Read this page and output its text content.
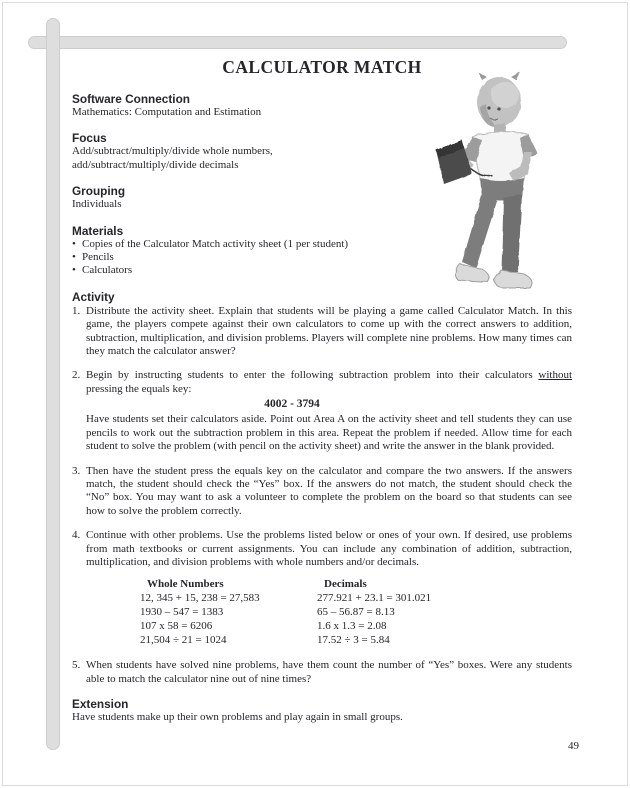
CALCULATOR MATCH

Software Connection

Mathematics: Computation and Estimation

Focus

Add/subtract/multiply/divide whole numbers,
add/subtract/multiply/divide decimals

Grouping

Individuals

Materials

• Copies of the Calculator Match activity sheet (1 per student)
• Pencils
• Calculators

Activity

1. Distribute the activity sheet. Explain that students will be playing a game called Calculator Match. In this game, the players compete against their own calculators to come up with the correct answers to addition, subtraction, multiplication, and division problems. Players will complete nine problems. How many times can they match the calculator answer?

2. Begin by instructing students to enter the following subtraction problem into their calculators without pressing the equals key:

4002 - 3794

Have students set their calculators aside. Point out Area A on the activity sheet and tell students they can use pencils to work out the subtraction problem in this area. Repeat the problem if needed. Allow time for each student to solve the problem (with pencil on the activity sheet) and write the answer in the blank provided.

3. Then have the student press the equals key on the calculator and compare the two answers. If the answers match, the student should check the “Yes” box. If the answers do not match, the student should check the “No” box. You may want to ask a volunteer to complete the problem on the board so that students can see how to solve the problem correctly.

4. Continue with other problems. Use the problems listed below or ones of your own. If desired, use problems from math textbooks or current assignments. You can include any combination of addition, subtraction, multiplication, and division problems with whole numbers and/or decimals.

Whole Numbers
12, 345 + 15, 238 = 27,583
1930 – 547 = 1383
107 x 58 = 6206
21,504 ÷ 21 = 1024
Decimals
277.921 + 23.1 = 301.021
65 – 56.87 = 8.13
1.6 x 1.3 = 2.08
17.52 ÷ 3 = 5.84
5. When students have solved nine problems, have them count the number of “Yes” boxes. Were any students able to match the calculator nine out of nine times?

Extension

Have students make up their own problems and play again in small groups.
49
